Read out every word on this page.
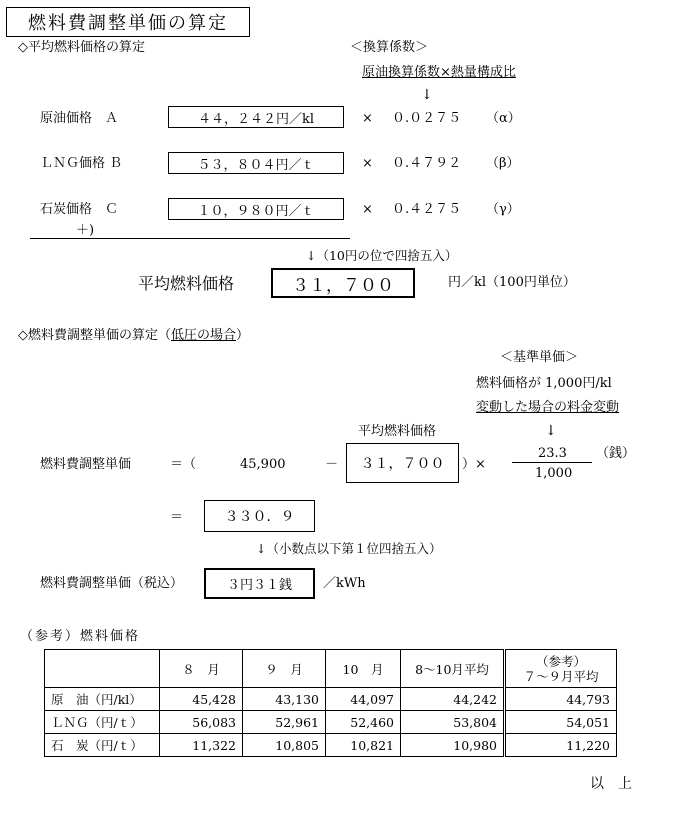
燃料費調整単価の算定
◇平均燃料価格の算定	＜換算係数＞
原油換算係数×熱量構成比
↓
原油価格　Ａ	４４，２４２円／kl	× ０.０２７５ （α）
ＬＮＧ価格 Ｂ	５３，８０４円／ｔ	× ０.４７９２ （β）
石炭価格　Ｃ	１０，９８０円／ｔ	× ０.４２７５ （γ）
＋)
↓（10円の位で四捨五入）
平均燃料価格	３１，７００	円／kl（100円単位）
◇燃料費調整単価の算定（低圧の場合）
＜基準単価＞
燃料価格が 1,000円/kl
変動した場合の料金変動
↓
平均燃料価格
燃料費調整単価	＝（	45,900	－ ３１，７００ ）×
23.3
1,000
（銭）
＝	３３０．９
↓（小数点以下第１位四捨五入）
燃料費調整単価（税込）	３円３１銭 ／kWh
（参考）燃料価格
	８　月	９　月	10　月	8～10月平均	（参考）
７～９月平均

原　油（円/kl）	45,428	43,130	44,097	44,242	44,793
ＬＮＧ（円/ｔ）	56,083	52,961	52,460	53,804	54,051
石　炭（円/ｔ）	11,322	10,805	10,821	10,980	11,220
以　上
